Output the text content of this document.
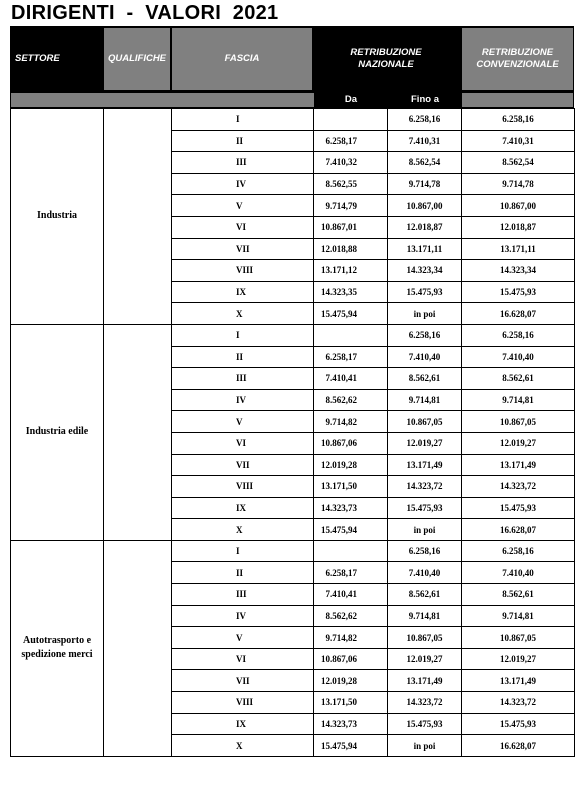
DIRIGENTI  -  VALORI  2021
SETTORE	QUALIFICHE	FASCIA
RETRIBUZIONE NAZIONALE
RETRIBUZIONE CONVENZIONALE
Da	Fino a
Industria		I		6.258,16	6.258,16
		II	6.258,17	7.410,31	7.410,31
		III	7.410,32	8.562,54	8.562,54
		IV	8.562,55	9.714,78	9.714,78
		V	9.714,79	10.867,00	10.867,00
		VI	10.867,01	12.018,87	12.018,87
		VII	12.018,88	13.171,11	13.171,11
		VIII	13.171,12	14.323,34	14.323,34
		IX	14.323,35	15.475,93	15.475,93
		X	15.475,94	in poi	16.628,07
Industria edile		I		6.258,16	6.258,16
		II	6.258,17	7.410,40	7.410,40
		III	7.410,41	8.562,61	8.562,61
		IV	8.562,62	9.714,81	9.714,81
		V	9.714,82	10.867,05	10.867,05
		VI	10.867,06	12.019,27	12.019,27
		VII	12.019,28	13.171,49	13.171,49
		VIII	13.171,50	14.323,72	14.323,72
		IX	14.323,73	15.475,93	15.475,93
		X	15.475,94	in poi	16.628,07
Autotrasporto e spedizione merci		I		6.258,16	6.258,16
		II	6.258,17	7.410,40	7.410,40
		III	7.410,41	8.562,61	8.562,61
		IV	8.562,62	9.714,81	9.714,81
		V	9.714,82	10.867,05	10.867,05
		VI	10.867,06	12.019,27	12.019,27
		VII	12.019,28	13.171,49	13.171,49
		VIII	13.171,50	14.323,72	14.323,72
		IX	14.323,73	15.475,93	15.475,93
		X	15.475,94	in poi	16.628,07
